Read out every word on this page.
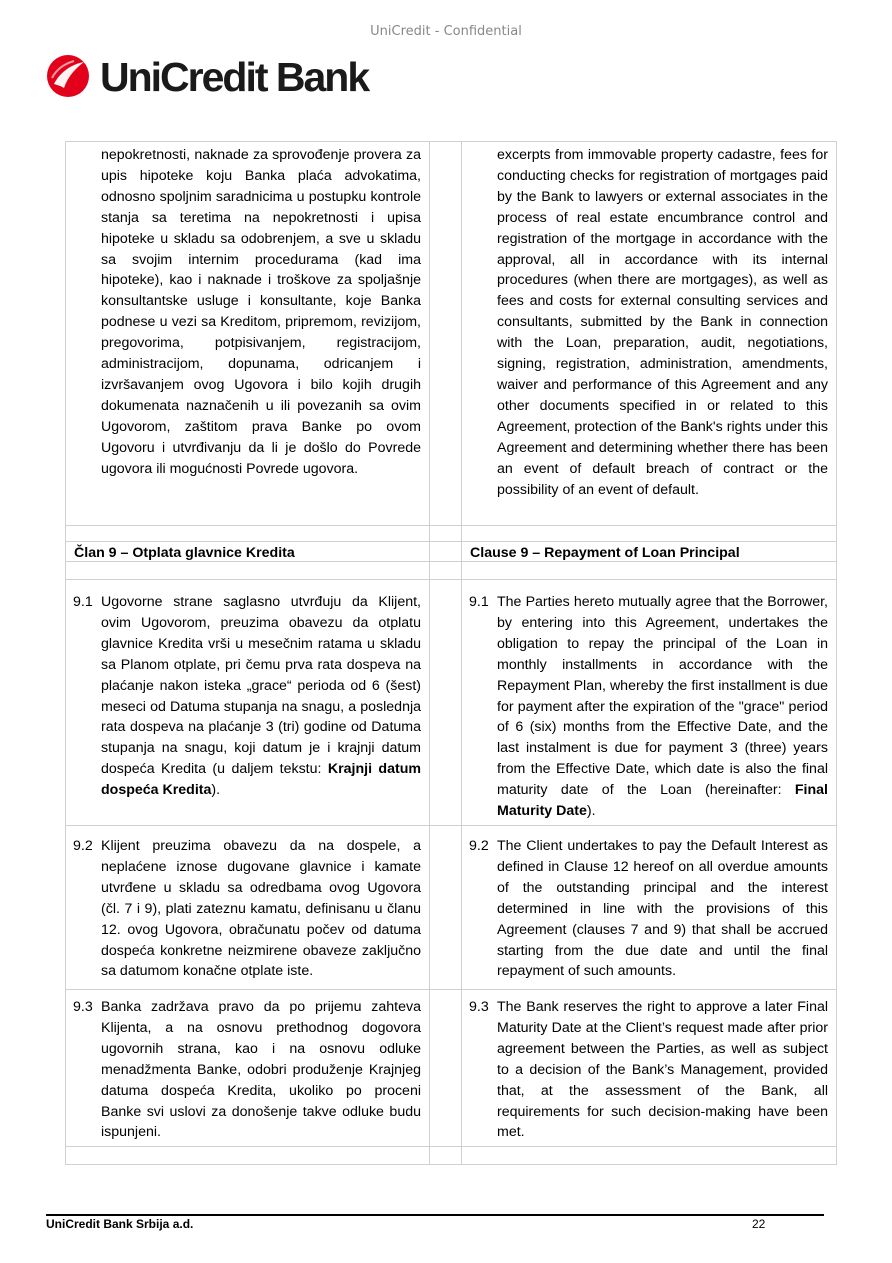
UniCredit - Confidential
UniCredit Bank
nepokretnosti, naknade za sprovođenje provera za upis hipoteke koju Banka plaća advokatima, odnosno spoljnim saradnicima u postupku kontrole stanja sa teretima na nepokretnosti i upisa hipoteke u skladu sa odobrenjem, a sve u skladu sa svojim internim procedurama (kad ima hipoteke), kao i naknade i troškove za spoljašnje konsultantske usluge i konsultante, koje Banka podnese u vezi sa Kreditom, pripremom, revizijom, pregovorima, potpisivanjem, registracijom, administracijom, dopunama, odricanjem i izvršavanjem ovog Ugovora i bilo kojih drugih dokumenata naznačenih u ili povezanih sa ovim Ugovorom, zaštitom prava Banke po ovom Ugovoru i utvrđivanju da li je došlo do Povrede ugovora ili mogućnosti Povrede ugovora.
excerpts from immovable property cadastre, fees for conducting checks for registration of mortgages paid by the Bank to lawyers or external associates in the process of real estate encumbrance control and registration of the mortgage in accordance with the approval, all in accordance with its internal procedures (when there are mortgages), as well as fees and costs for external consulting services and consultants, submitted by the Bank in connection with the Loan, preparation, audit, negotiations, signing, registration, administration, amendments, waiver and performance of this Agreement and any other documents specified in or related to this Agreement, protection of the Bank's rights under this Agreement and determining whether there has been an event of default breach of contract or the possibility of an event of default.
Član 9 – Otplata glavnice Kredita	Clause 9 – Repayment of Loan Principal
9.1 Ugovorne strane saglasno utvrđuju da Klijent, ovim Ugovorom, preuzima obavezu da otplatu glavnice Kredita vrši u mesečnim ratama u skladu sa Planom otplate, pri čemu prva rata dospeva na plaćanje nakon isteka „grace“ perioda od 6 (šest) meseci od Datuma stupanja na snagu, a poslednja rata dospeva na plaćanje 3 (tri) godine od Datuma stupanja na snagu, koji datum je i krajnji datum dospeća Kredita (u daljem tekstu: Krajnji datum dospeća Kredita).
9.1 The Parties hereto mutually agree that the Borrower, by entering into this Agreement, undertakes the obligation to repay the principal of the Loan in monthly installments in accordance with the Repayment Plan, whereby the first installment is due for payment after the expiration of the "grace" period of 6 (six) months from the Effective Date, and the last instalment is due for payment 3 (three) years from the Effective Date, which date is also the final maturity date of the Loan (hereinafter: Final Maturity Date).
9.2 Klijent preuzima obavezu da na dospele, a neplaćene iznose dugovane glavnice i kamate utvrđene u skladu sa odredbama ovog Ugovora (čl. 7 i 9), plati zateznu kamatu, definisanu u članu 12. ovog Ugovora, obračunatu počev od datuma dospeća konkretne neizmirene obaveze zaključno sa datumom konačne otplate iste.
9.2 The Client undertakes to pay the Default Interest as defined in Clause 12 hereof on all overdue amounts of the outstanding principal and the interest determined in line with the provisions of this Agreement (clauses 7 and 9) that shall be accrued starting from the due date and until the final repayment of such amounts.
9.3 Banka zadržava pravo da po prijemu zahteva Klijenta, a na osnovu prethodnog dogovora ugovornih strana, kao i na osnovu odluke menadžmenta Banke, odobri produženje Krajnjeg datuma dospeća Kredita, ukoliko po proceni Banke svi uslovi za donošenje takve odluke budu ispunjeni.
9.3 The Bank reserves the right to approve a later Final Maturity Date at the Client’s request made after prior agreement between the Parties, as well as subject to a decision of the Bank’s Management, provided that, at the assessment of the Bank, all requirements for such decision-making have been met.
UniCredit Bank Srbija a.d.	22
